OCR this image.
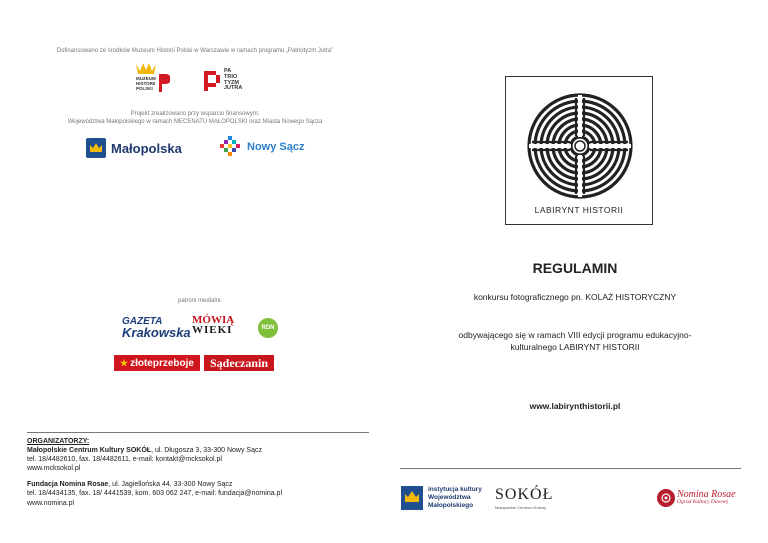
Dofinansowano ze środków Muzeum Historii Polski w Warszawie w ramach programu „Patriotyzm Jutra”
MUZEUM
HISTORII
POLSKI
PA
TRIO
TYZM
JUTRA
Projekt zrealizowano przy wsparciu finansowym:
Województwa Małopolskiego w ramach MECENATU MAŁOPOLSKI oraz Miasta Nowego Sącza
Małopolska	Nowy Sącz
patroni medialni:
GAZETA
Krakowska
MÓWIĄ
WIEKI	RDN
★ złoteprzeboje Sądeczanin
ORGANIZATORZY:
Małopolskie Centrum Kultury SOKÓŁ, ul. Długosza 3, 33-300 Nowy Sącz
tel. 18/4482610, fax. 18/4482611, e-mail: kontakt@mcksokol.pl
www.mcksokol.pl
Fundacja Nomina Rosae, ul. Jagiellońska 44, 33-300 Nowy Sącz
tel. 18/4434135, fax. 18/ 4441539, kom. 603 062 247, e-mail: fundacja@nomina.pl
www.nomina.pl
LABIRYNT HISTORII
REGULAMIN
konkursu fotograficznego pn. KOLAŻ HISTORYCZNY
odbywającego się w ramach VIII edycji programu edukacyjno-
kulturalnego LABIRYNT HISTORII
www.labirynthistorii.pl
instytucja kultury
Województwa
Małopolskiego
SOKÓŁ
Małopolskie Centrum Kultury
Nomina Rosae
Ogród Kultury Dawnej
